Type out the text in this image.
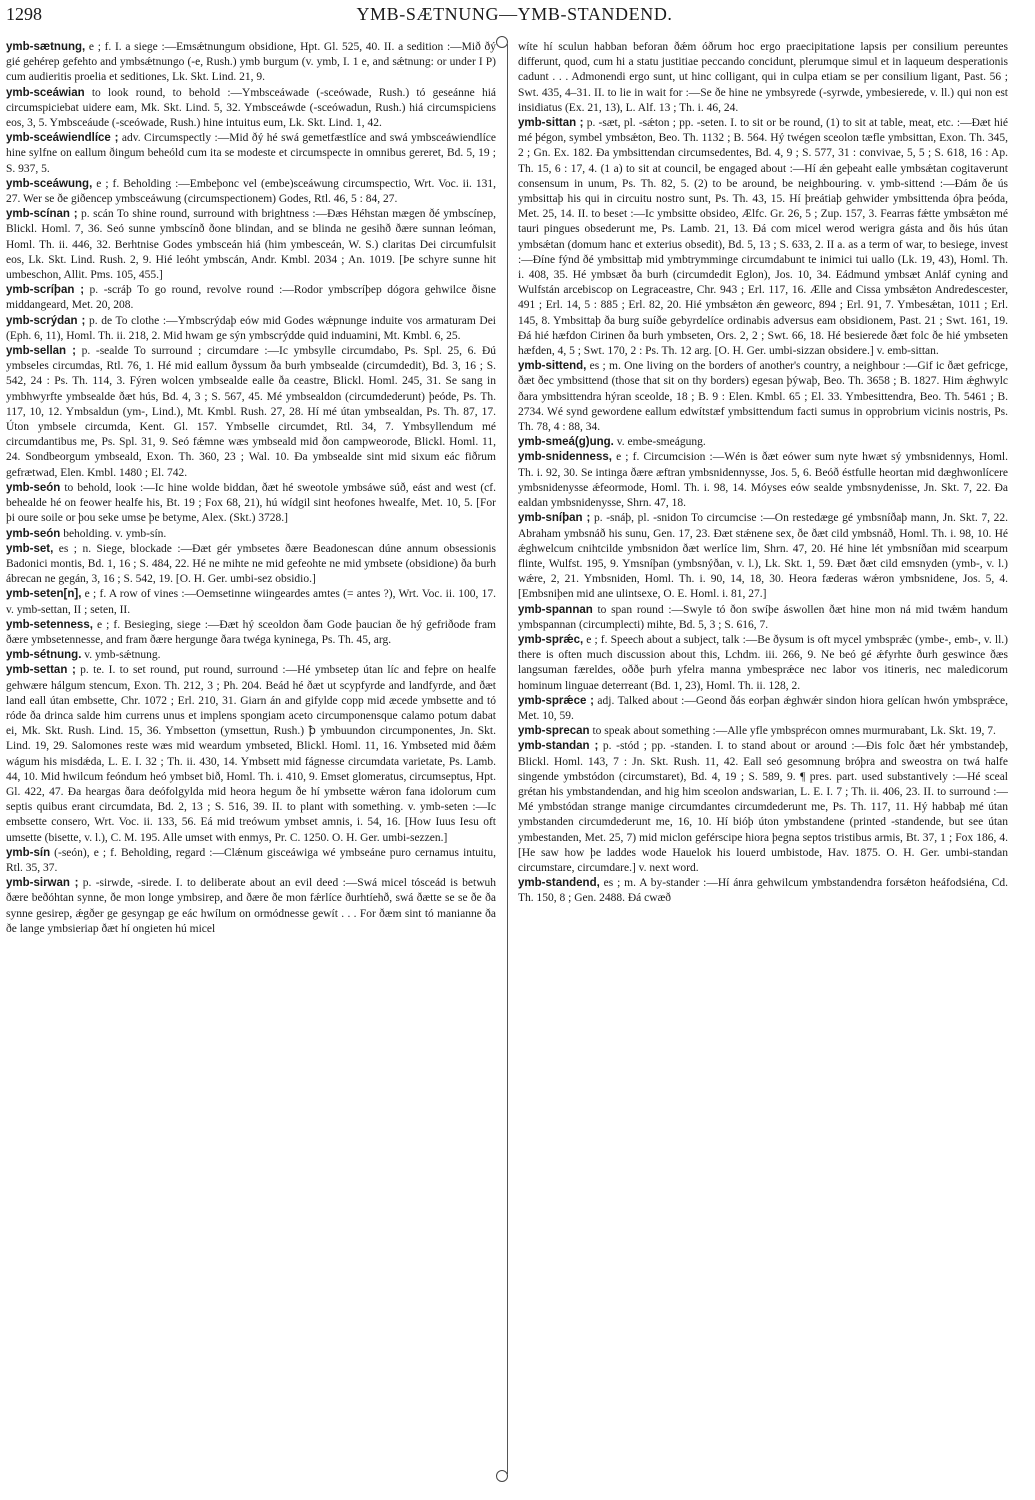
1298	YMB-SÆTNUNG—YMB-STANDEND.

ymb-sætnung, e ; f. I. a siege :—Emsǽtnungum obsidione, Hpt. Gl. 525, 40. II. a sedition :—Mið ðý gié gehérep gefehto and ymbsǽtnungo (-e, Rush.) ymb burgum (v. ymb, I. 1 e, and sǽtnung: or under I P) cum audieritis proelia et seditiones, Lk. Skt. Lind. 21, 9.

ymb-sceáwian to look round, to behold :—Ymbsceáwade (-sceówade, Rush.) tó geseánne hiá circumspiciebat uidere eam, Mk. Skt. Lind. 5, 32. Ymbsceáwde (-sceówadun, Rush.) hiá circumspiciens eos, 3, 5. Ymbsceáude (-sceówade, Rush.) hine intuitus eum, Lk. Skt. Lind. 1, 42.

ymb-sceáwiendlíce ; adv. Circumspectly :—Mid ðý hé swá gemetfæstlíce and swá ymbsceáwiendlíce hine sylfne on eallum ðingum beheóld cum ita se modeste et circumspecte in omnibus gereret, Bd. 5, 19 ; S. 937, 5.

ymb-sceáwung, e ; f. Beholding :—Embeþonc vel (embe)sceáwung circumspectio, Wrt. Voc. ii. 131, 27. Wer se ðe giðencep ymbsceáwung (circumspectionem) Godes, Rtl. 46, 5 : 84, 27.

ymb-scínan ; p. scán To shine round, surround with brightness :—Ðæs Héhstan mægen ðé ymbscínep, Blickl. Homl. 7, 36. Seó sunne ymbscínð ðone blindan, and se blinda ne gesihð ðære sunnan leóman, Homl. Th. ii. 446, 32. Berhtnise Godes ymbsceán hiá (him ymbesceán, W. S.) claritas Dei circumfulsit eos, Lk. Skt. Lind. Rush. 2, 9. Hié leóht ymbscán, Andr. Kmbl. 2034 ; An. 1019. [Þe schyre sunne hit umbeschon, Allit. Pms. 105, 455.]

ymb-scríþan ; p. -scráþ To go round, revolve round :—Rodor ymbscríþep dógora gehwilce ðisne middangeard, Met. 20, 208.

ymb-scrýdan ; p. de To clothe :—Ymbscrýdaþ eów mid Godes wǽpnunge induite vos armaturam Dei (Eph. 6, 11), Homl. Th. ii. 218, 2. Mid hwam ge sýn ymbscrýdde quid induamini, Mt. Kmbl. 6, 25.

ymb-sellan ; p. -sealde To surround ; circumdare :—Ic ymbsylle circumdabo, Ps. Spl. 25, 6. Ðú ymbseles circumdas, Rtl. 76, 1. Hé mid eallum ðyssum ða burh ymbsealde (circumdedit), Bd. 3, 16 ; S. 542, 24 : Ps. Th. 114, 3. Fýren wolcen ymbsealde ealle ða ceastre, Blickl. Homl. 245, 31. Se sang in ymbhwyrfte ymbsealde ðæt hús, Bd. 4, 3 ; S. 567, 45. Mé ymbsealdon (circumdederunt) þeóde, Ps. Th. 117, 10, 12. Ymbsaldun (ym-, Lind.), Mt. Kmbl. Rush. 27, 28. Hí mé útan ymbsealdan, Ps. Th. 87, 17. Úton ymbsele circumda, Kent. Gl. 157. Ymbselle circumdet, Rtl. 34, 7. Ymbsyllendum mé circumdantibus me, Ps. Spl. 31, 9. Seó fǽmne wæs ymbseald mid ðon campweorode, Blickl. Homl. 11, 24. Sondbeorgum ymbseald, Exon. Th. 360, 23 ; Wal. 10. Ða ymbsealde sint mid sixum eác fiðrum gefrætwad, Elen. Kmbl. 1480 ; El. 742.

ymb-seón to behold, look :—Ic hine wolde biddan, ðæt hé sweotole ymbsáwe súð, eást and west (cf. behealde hé on feower healfe his, Bt. 19 ; Fox 68, 21), hú wídgil sint heofones hwealfe, Met. 10, 5. [For þi oure soile or þou seke umse þe betyme, Alex. (Skt.) 3728.]

ymb-seón beholding. v. ymb-sín.

ymb-set, es ; n. Siege, blockade :—Ðæt gér ymbsetes ðære Beadonescan dúne annum obsessionis Badonici montis, Bd. 1, 16 ; S. 484, 22. Hé ne mihte ne mid gefeohte ne mid ymbsete (obsidione) ða burh ábrecan ne gegán, 3, 16 ; S. 542, 19. [O. H. Ger. umbi-sez obsidio.]

ymb-seten[n], e ; f. A row of vines :—Oemsetinne wiingeardes amtes (= antes ?), Wrt. Voc. ii. 100, 17. v. ymb-settan, II ; seten, II.

ymb-setenness, e ; f. Besieging, siege :—Ðæt hý sceoldon ðam Gode þaucian ðe hý gefriðode fram ðære ymbsetennesse, and fram ðære hergunge ðara twéga kyninega, Ps. Th. 45, arg.

ymb-sétnung. v. ymb-sǽtnung.

ymb-settan ; p. te. I. to set round, put round, surround :—Hé ymbsetep útan líc and feþre on healfe gehwære hálgum stencum, Exon. Th. 212, 3 ; Ph. 204. Beád hé ðæt ut scypfyrde and landfyrde, and ðæt land eall útan embsette, Chr. 1072 ; Erl. 210, 31. Giarn án and gifylde copp mid æcede ymbsette and tó róde ða drinca salde him currens unus et implens spongiam aceto circumponensque calamo potum dabat ei, Mk. Skt. Rush. Lind. 15, 36. Ymbsetton (ymsettun, Rush.) ꝥ ymbuundon circumponentes, Jn. Skt. Lind. 19, 29. Salomones reste wæs mid weardum ymbseted, Blickl. Homl. 11, 16. Ymbseted mid ðǽm wágum his misdǽda, L. E. I. 32 ; Th. ii. 430, 14. Ymbsett mid fágnesse circumdata varietate, Ps. Lamb. 44, 10. Mid hwilcum feóndum heó ymbset bið, Homl. Th. i. 410, 9. Emset glomeratus, circumseptus, Hpt. Gl. 422, 47. Ða heargas ðara deófolgylda mid heora hegum ðe hí ymbsette wǽron fana idolorum cum septis quibus erant circumdata, Bd. 2, 13 ; S. 516, 39. II. to plant with something. v. ymb-seten :—Ic embsette consero, Wrt. Voc. ii. 133, 56. Eá mid treówum ymbset amnis, i. 54, 16. [How Iuus Iesu oft umsette (bisette, v. l.), C. M. 195. Alle umset with enmys, Pr. C. 1250. O. H. Ger. umbi-sezzen.]

ymb-sín (-seón), e ; f. Beholding, regard :—Clǽnum gisceáwiga wé ymbseáne puro cernamus intuitu, Rtl. 35, 37.

ymb-sirwan ; p. -sirwde, -sirede. I. to deliberate about an evil deed :—Swá micel tósceád is betwuh ðære beðóhtan synne, ðe mon longe ymbsirep, and ðære ðe mon fǽrlíce ðurhtíehð, swá ðætte se se ðe ða synne gesirep, ǽgðer ge gesyngap ge eác hwílum on ormódnesse gewít . . . For ðæm sint tó manianne ða ðe lange ymbsieriap ðæt hí ongieten hú micel

wíte hí sculun habban beforan ðǽm óðrum hoc ergo praecipitatione lapsis per consilium pereuntes differunt, quod, cum hi a statu justitiae peccando concidunt, plerumque simul et in laqueum desperationis cadunt . . . Admonendi ergo sunt, ut hinc colligant, qui in culpa etiam se per consilium ligant, Past. 56 ; Swt. 435, 4–31. II. to lie in wait for :—Se ðe hine ne ymbsyrede (-syrwde, ymbesierede, v. ll.) qui non est insidiatus (Ex. 21, 13), L. Alf. 13 ; Th. i. 46, 24.

ymb-sittan ; p. -sæt, pl. -sǽton ; pp. -seten. I. to sit or be round, (1) to sit at table, meat, etc. :—Ðæt hié mé þégon, symbel ymbsǽton, Beo. Th. 1132 ; B. 564. Hý twégen sceolon tæfle ymbsittan, Exon. Th. 345, 2 ; Gn. Ex. 182. Ða ymbsittendan circumsedentes, Bd. 4, 9 ; S. 577, 31 : convivae, 5, 5 ; S. 618, 16 : Ap. Th. 15, 6 : 17, 4. (1 a) to sit at council, be engaged about :—Hí ǽn geþeaht ealle ymbsǽtan cogitaverunt consensum in unum, Ps. Th. 82, 5. (2) to be around, be neighbouring. v. ymb-sittend :—Ðám ðe ús ymbsittaþ his qui in circuitu nostro sunt, Ps. Th. 43, 15. Hí þreátiaþ gehwider ymbsittenda óþra þeóda, Met. 25, 14. II. to beset :—Ic ymbsitte obsideo, Ælfc. Gr. 26, 5 ; Zup. 157, 3. Fearras fǽtte ymbsǽton mé tauri pingues obsederunt me, Ps. Lamb. 21, 13. Ðá com micel werod werigra gásta and ðis hús útan ymbsǽtan (domum hanc et exterius obsedit), Bd. 5, 13 ; S. 633, 2. II a. as a term of war, to besiege, invest :—Ðíne fýnd ðé ymbsittaþ mid ymbtrymminge circumdabunt te inimici tui uallo (Lk. 19, 43), Homl. Th. i. 408, 35. Hé ymbsæt ða burh (circumdedit Eglon), Jos. 10, 34. Eádmund ymbsæt Anláf cyning and Wulfstán arcebiscop on Legraceastre, Chr. 943 ; Erl. 117, 16. Ælle and Cissa ymbsǽton Andredescester, 491 ; Erl. 14, 5 : 885 ; Erl. 82, 20. Hié ymbsǽton ǽn geweorc, 894 ; Erl. 91, 7. Ymbesǽtan, 1011 ; Erl. 145, 8. Ymbsittaþ ða burg suíðe gebyrdelíce ordinabis adversus eam obsidionem, Past. 21 ; Swt. 161, 19. Ðá hié hæfdon Cirinen ða burh ymbseten, Ors. 2, 2 ; Swt. 66, 18. Hé besierede ðæt folc ðe hié ymbseten hæfden, 4, 5 ; Swt. 170, 2 : Ps. Th. 12 arg. [O. H. Ger. umbi-sizzan obsidere.] v. emb-sittan.

ymb-sittend, es ; m. One living on the borders of another's country, a neighbour :—Gif ic ðæt gefricge, ðæt ðec ymbsittend (those that sit on thy borders) egesan þýwaþ, Beo. Th. 3658 ; B. 1827. Him ǽghwylc ðara ymbsittendra hýran sceolde, 18 ; B. 9 : Elen. Kmbl. 65 ; El. 33. Ymbesittendra, Beo. Th. 5461 ; B. 2734. Wé synd gewordene eallum edwítstæf ymbsittendum facti sumus in opprobrium vicinis nostris, Ps. Th. 78, 4 : 88, 34.

ymb-smeá(g)ung. v. embe-smeágung.

ymb-snidenness, e ; f. Circumcision :—Wén is ðæt eówer sum nyte hwæt sý ymbsnidennys, Homl. Th. i. 92, 30. Se intinga ðære æftran ymbsnidennysse, Jos. 5, 6. Beóð éstfulle heortan mid dæghwonlícere ymbsnidenysse ǽfeormode, Homl. Th. i. 98, 14. Móyses eów sealde ymbsnydenisse, Jn. Skt. 7, 22. Ða ealdan ymbsnidenysse, Shrn. 47, 18.

ymb-sníþan ; p. -snáþ, pl. -snidon To circumcise :—On restedæge gé ymbsníðaþ mann, Jn. Skt. 7, 22. Abraham ymbsnáð his sunu, Gen. 17, 23. Ðæt stǽnene sex, ðe ðæt cild ymbsnáð, Homl. Th. i. 98, 10. Hé ǽghwelcum cnihtcilde ymbsnidon ðæt werlíce lim, Shrn. 47, 20. Hé hine lét ymbsníðan mid scearpum flinte, Wulfst. 195, 9. Ymsníþan (ymbsnýðan, v. l.), Lk. Skt. 1, 59. Ðæt ðæt cild emsnyden (ymb-, v. l.) wǽre, 2, 21. Ymbsniden, Homl. Th. i. 90, 14, 18, 30. Heora fæderas wǽron ymbsnidene, Jos. 5, 4. [Embsniþen mid ane ulintsexe, O. E. Homl. i. 81, 27.]

ymb-spannan to span round :—Swyle tó ðon swíþe áswollen ðæt hine mon ná mid twǽm handum ymbspannan (circumplecti) mihte, Bd. 5, 3 ; S. 616, 7.

ymb-sprǽc, e ; f. Speech about a subject, talk :—Be ðysum is oft mycel ymbsprǽc (ymbe-, emb-, v. ll.) there is often much discussion about this, Lchdm. iii. 266, 9. Ne beó gé ǽfyrhte ðurh geswince ðæs langsuman færeldes, oððe þurh yfelra manna ymbesprǽce nec labor vos itineris, nec maledicorum hominum linguae deterreant (Bd. 1, 23), Homl. Th. ii. 128, 2.

ymb-sprǽce ; adj. Talked about :—Geond ðás eorþan ǽghwǽr sindon hiora gelícan hwón ymbsprǽce, Met. 10, 59.

ymb-sprecan to speak about something :—Alle yfle ymbsprécon omnes murmurabant, Lk. Skt. 19, 7.

ymb-standan ; p. -stód ; pp. -standen. I. to stand about or around :—Ðis folc ðæt hér ymbstandeþ, Blickl. Homl. 143, 7 : Jn. Skt. Rush. 11, 42. Eall seó gesomnung bróþra and sweostra on twá halfe singende ymbstódon (circumstaret), Bd. 4, 19 ; S. 589, 9. ¶ pres. part. used substantively :—Hé sceal grétan his ymbstandendan, and hig him sceolon andswarian, L. E. I. 7 ; Th. ii. 406, 23. II. to surround :—Mé ymbstódan strange manige circumdantes circumdederunt me, Ps. Th. 117, 11. Hý habbaþ mé útan ymbstanden circumdederunt me, 16, 10. Hí bióþ úton ymbstandene (printed -standende, but see útan ymbestanden, Met. 25, 7) mid miclon geférscipe hiora þegna septos tristibus armis, Bt. 37, 1 ; Fox 186, 4. [He saw how þe laddes wode Hauelok his louerd umbistode, Hav. 1875. O. H. Ger. umbi-standan circumstare, circumdare.] v. next word.

ymb-standend, es ; m. A by-stander :—Hí ánra gehwilcum ymbstandendra forsǽton heáfodsiéna, Cd. Th. 150, 8 ; Gen. 2488. Ðá cwæð
